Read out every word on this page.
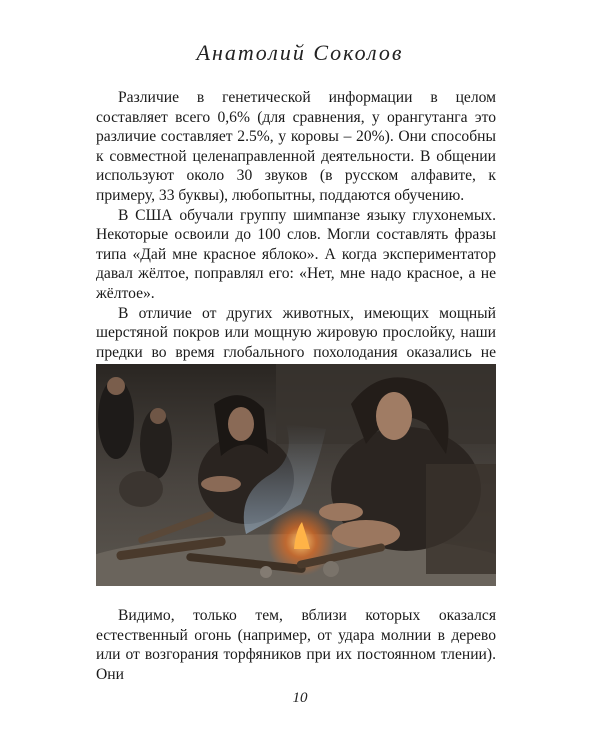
Анатолий Соколов

Различие в генетической информации в целом составляет всего 0,6% (для сравнения, у орангутанга это различие составляет 2.5%, у коровы – 20%). Они способны к совместной целенаправленной деятельности. В общении используют около 30 звуков (в русском алфавите, к примеру, 33 буквы), любопытны, поддаются обучению.

В США обучали группу шимпанзе языку глухонемых. Некоторые освоили до 100 слов. Могли составлять фразы типа «Дай мне красное яблоко». А когда экспериментатор давал жёлтое, поправлял его: «Нет, мне надо красное, а не жёлтое».

В отличие от других животных, имеющих мощный шерстяной покров или мощную жировую прослойку, наши предки во время глобального похолодания оказались не

Видимо, только тем, вблизи которых оказался естественный огонь (например, от удара молнии в дерево или от возгорания торфяников при их постоянном тлении). Они

10
